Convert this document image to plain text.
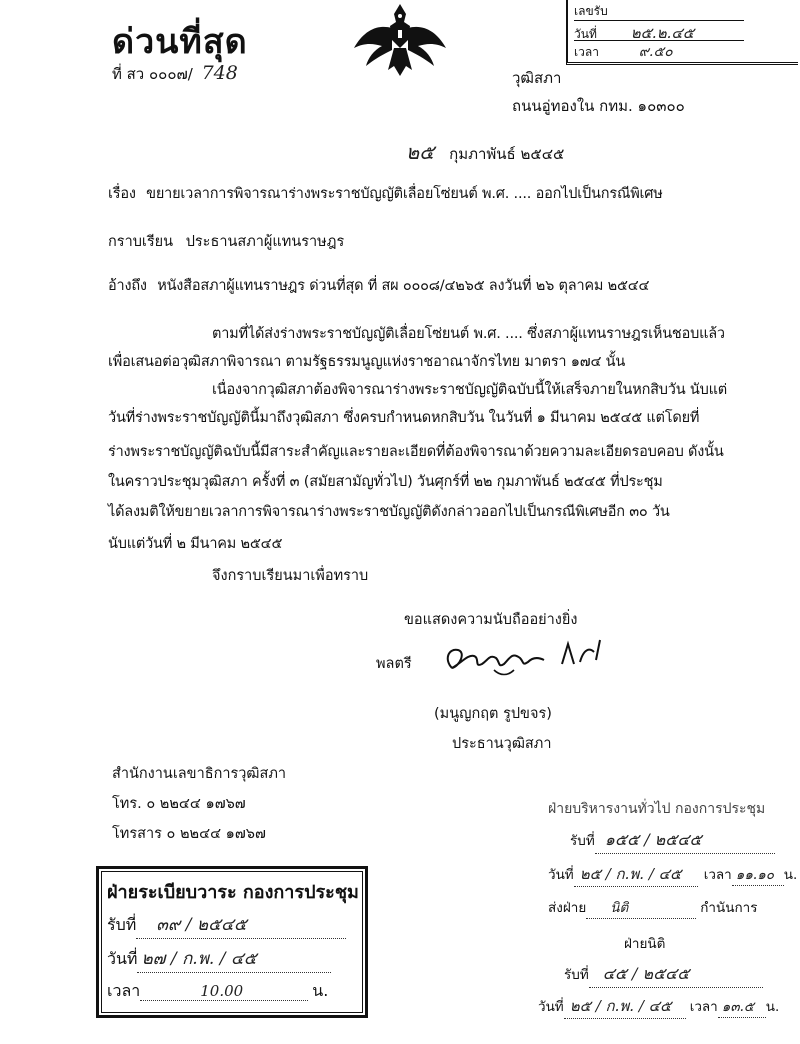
ด่วนที่สุด
ที่ สว ๐๐๐๗/ 748
เลขรับ
วันที่ ๒๕.๒.๔๕
เวลา	๙.๕๐
วุฒิสภา
ถนนอู่ทองใน กทม. ๑๐๓๐๐
๒๕ กุมภาพันธ์ ๒๕๔๕
เรื่อง ขยายเวลาการพิจารณาร่างพระราชบัญญัติเลื่อยโซ่ยนต์ พ.ศ. .... ออกไปเป็นกรณีพิเศษ
กราบเรียน ประธานสภาผู้แทนราษฎร
อ้างถึง หนังสือสภาผู้แทนราษฎร ด่วนที่สุด ที่ สผ ๐๐๐๘/๔๒๖๕ ลงวันที่ ๒๖ ตุลาคม ๒๕๔๔
ตามที่ได้ส่งร่างพระราชบัญญัติเลื่อยโซ่ยนต์ พ.ศ. .... ซึ่งสภาผู้แทนราษฎรเห็นชอบแล้ว
เพื่อเสนอต่อวุฒิสภาพิจารณา ตามรัฐธรรมนูญแห่งราชอาณาจักรไทย มาตรา ๑๗๔ นั้น
เนื่องจากวุฒิสภาต้องพิจารณาร่างพระราชบัญญัติฉบับนี้ให้เสร็จภายในหกสิบวัน นับแต่
วันที่ร่างพระราชบัญญัตินี้มาถึงวุฒิสภา ซึ่งครบกำหนดหกสิบวัน ในวันที่ ๑ มีนาคม ๒๕๔๕ แต่โดยที่
ร่างพระราชบัญญัติฉบับนี้มีสาระสำคัญและรายละเอียดที่ต้องพิจารณาด้วยความละเอียดรอบคอบ ดังนั้น
ในคราวประชุมวุฒิสภา ครั้งที่ ๓ (สมัยสามัญทั่วไป) วันศุกร์ที่ ๒๒ กุมภาพันธ์ ๒๕๔๕ ที่ประชุม
ได้ลงมติให้ขยายเวลาการพิจารณาร่างพระราชบัญญัติดังกล่าวออกไปเป็นกรณีพิเศษอีก ๓๐ วัน
นับแต่วันที่ ๒ มีนาคม ๒๕๔๕
จึงกราบเรียนมาเพื่อทราบ
ขอแสดงความนับถืออย่างยิ่ง
พลตรี
(มนูญกฤต รูปขจร)
ประธานวุฒิสภา
สำนักงานเลขาธิการวุฒิสภา
โทร. ๐ ๒๒๔๔ ๑๗๖๗
โทรสาร ๐ ๒๒๔๔ ๑๗๖๗
ฝ่ายระเบียบวาระ กองการประชุม
รับที่ ๓๙ / ๒๕๔๕
วันที่ ๒๗ / ก.พ. / ๔๕
เวลา	10.00	น.
ฝ่ายบริหารงานทั่วไป กองการประชุม
รับที่ ๑๕๕ / ๒๕๔๕
วันที่ ๒๕ / ก.พ. / ๔๕ เวลา ๑๑.๑๐ น.
ส่งฝ่าย นิติ	กำนันการ
ฝ่ายนิติ
รับที่ ๔๕ / ๒๕๔๕
วันที่ ๒๕ / ก.พ. / ๔๕ เวลา ๑๓.๕ น.
